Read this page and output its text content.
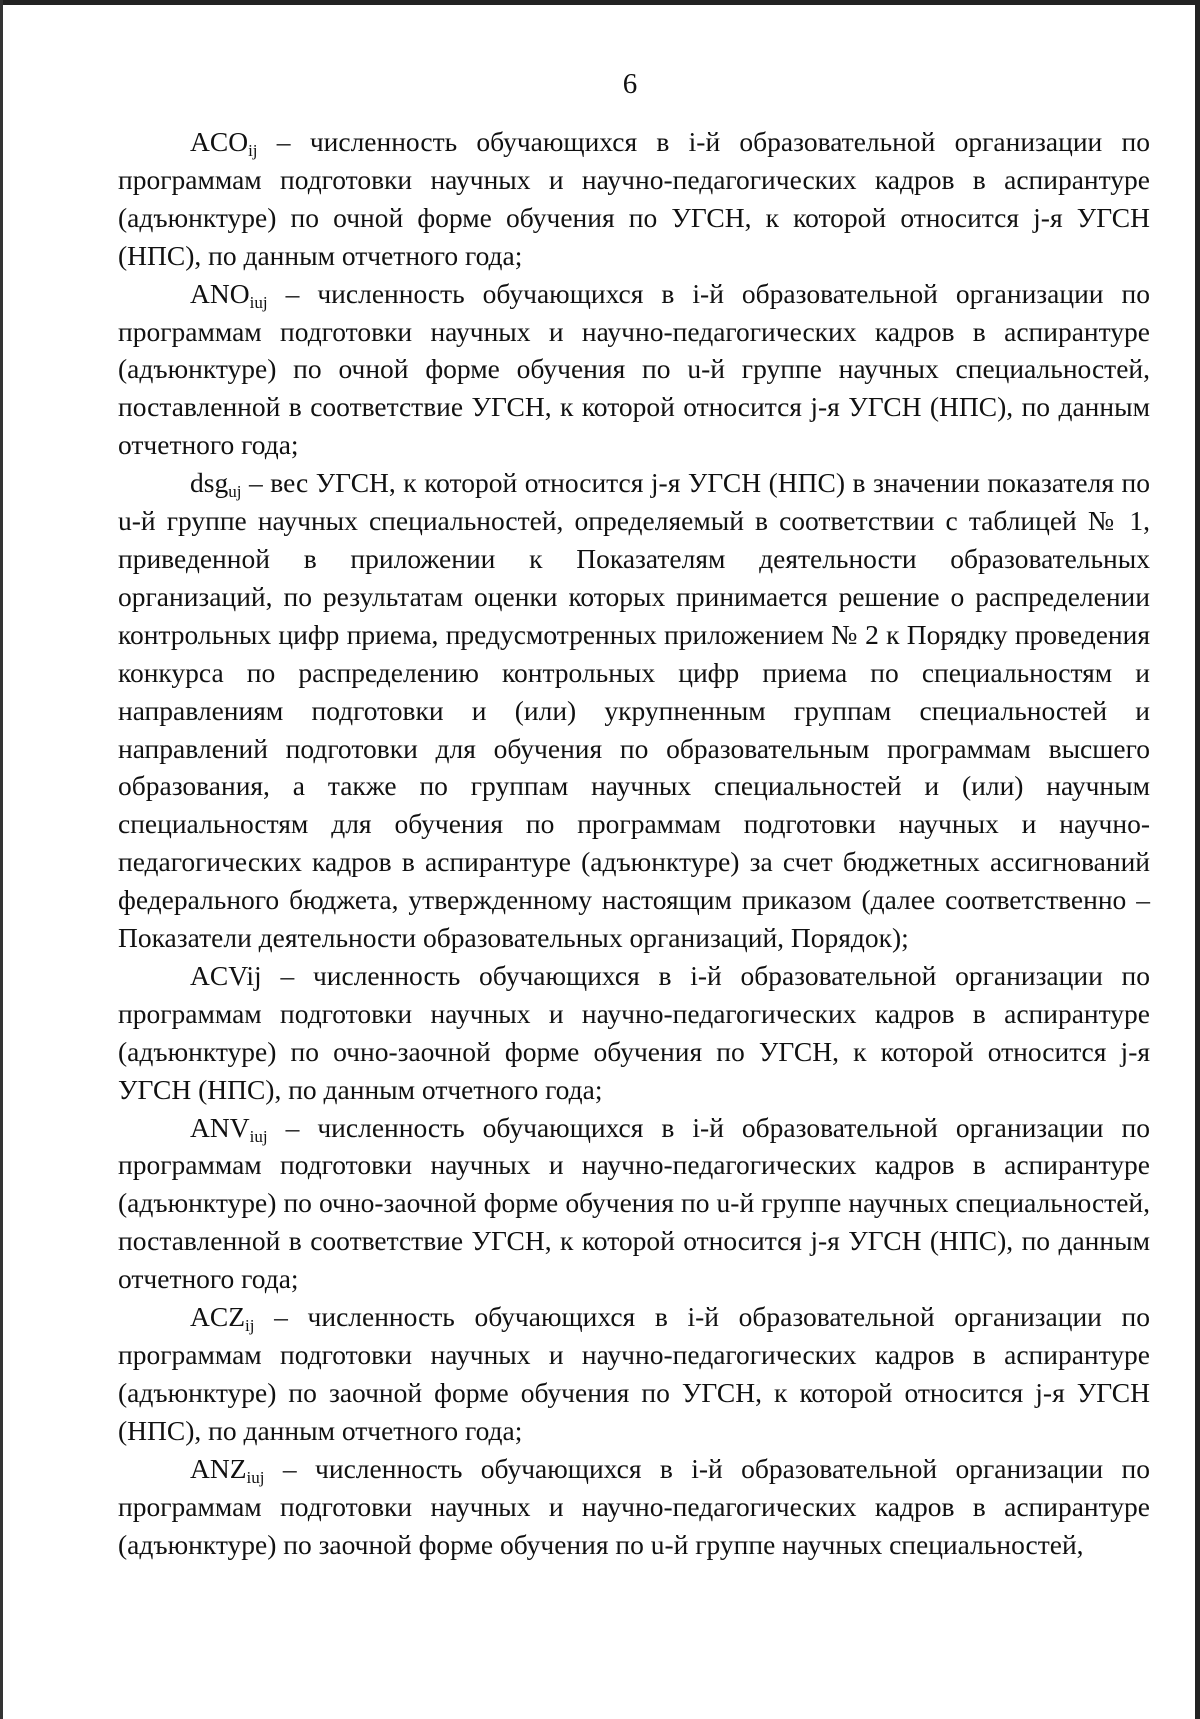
6

$ACO_{ij}$ – численность обучающихся в i-й образовательной организации по программам подготовки научных и научно-педагогических кадров в аспирантуре (адъюнктуре) по очной форме обучения по УГСН, к которой относится j-я УГСН (НПС), по данным отчетного года;

$ANO_{iuj}$ – численность обучающихся в i-й образовательной организации по программам подготовки научных и научно-педагогических кадров в аспирантуре (адъюнктуре) по очной форме обучения по u-й группе научных специальностей, поставленной в соответствие УГСН, к которой относится j-я УГСН (НПС), по данным отчетного года;

dsg$_{uj}$ – вес УГСН, к которой относится j-я УГСН (НПС) в значении показателя по u-й группе научных специальностей, определяемый в соответствии с таблицей № 1, приведенной в приложении к Показателям деятельности образовательных организаций, по результатам оценки которых принимается решение о распределении контрольных цифр приема, предусмотренных приложением № 2 к Порядку проведения конкурса по распределению контрольных цифр приема по специальностям и направлениям подготовки и (или) укрупненным группам специальностей и направлений подготовки для обучения по образовательным программам высшего образования, а также по группам научных специальностей и (или) научным специальностям для обучения по программам подготовки научных и научно-педагогических кадров в аспирантуре (адъюнктуре) за счет бюджетных ассигнований федерального бюджета, утвержденному настоящим приказом (далее соответственно – Показатели деятельности образовательных организаций, Порядок);

ACVij – численность обучающихся в i-й образовательной организации по программам подготовки научных и научно-педагогических кадров в аспирантуре (адъюнктуре) по очно-заочной форме обучения по УГСН, к которой относится j-я УГСН (НПС), по данным отчетного года;

$ANV_{iuj}$ – численность обучающихся в i-й образовательной организации по программам подготовки научных и научно-педагогических кадров в аспирантуре (адъюнктуре) по очно-заочной форме обучения по u-й группе научных специальностей, поставленной в соответствие УГСН, к которой относится j-я УГСН (НПС), по данным отчетного года;

$ACZ_{ij}$ – численность обучающихся в i-й образовательной организации по программам подготовки научных и научно-педагогических кадров в аспирантуре (адъюнктуре) по заочной форме обучения по УГСН, к которой относится j-я УГСН (НПС), по данным отчетного года;

$ANZ_{iuj}$ – численность обучающихся в i-й образовательной организации по программам подготовки научных и научно-педагогических кадров в аспирантуре (адъюнктуре) по заочной форме обучения по u-й группе научных специальностей,
